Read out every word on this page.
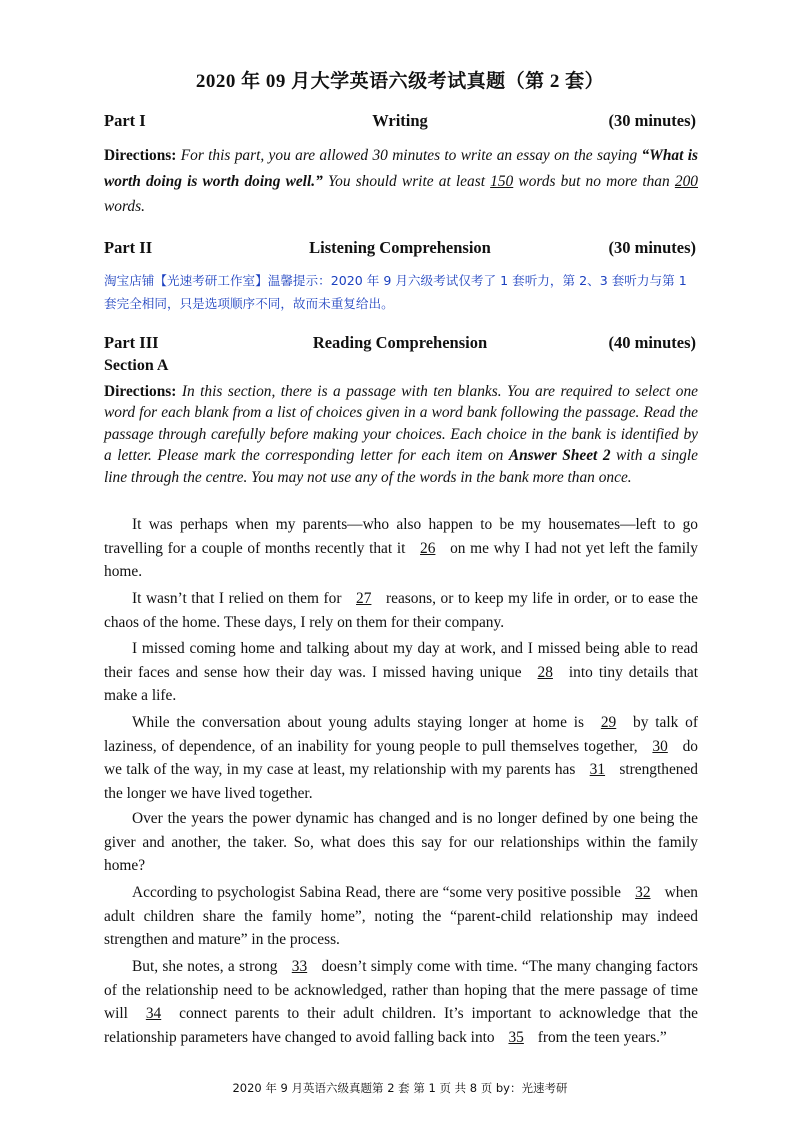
2020 年 09 月大学英语六级考试真题（第 2 套）
Part I	Writing	(30 minutes)
Directions: For this part, you are allowed 30 minutes to write an essay on the saying “What is worth doing is worth doing well.” You should write at least 150 words but no more than 200 words.
Part II	Listening Comprehension	(30 minutes)
淘宝店铺【光速考研工作室】温馨提示：2020 年 9 月六级考试仅考了 1 套听力，第 2、3 套听力与第 1 套完全相同，只是选项顺序不同，故而未重复给出。
Part III	Reading Comprehension	(40 minutes)
Section A
Directions: In this section, there is a passage with ten blanks. You are required to select one word for each blank from a list of choices given in a word bank following the passage. Read the passage through carefully before making your choices. Each choice in the bank is identified by a letter. Please mark the corresponding letter for each item on Answer Sheet 2 with a single line through the centre. You may not use any of the words in the bank more than once.
It was perhaps when my parents—who also happen to be my housemates—left to go travelling for a couple of months recently that it 26 on me why I had not yet left the family home.
It wasn’t that I relied on them for 27 reasons, or to keep my life in order, or to ease the chaos of the home. These days, I rely on them for their company.
I missed coming home and talking about my day at work, and I missed being able to read their faces and sense how their day was. I missed having unique 28 into tiny details that make a life.
While the conversation about young adults staying longer at home is 29 by talk of laziness, of dependence, of an inability for young people to pull themselves together, 30 do we talk of the way, in my case at least, my relationship with my parents has 31 strengthened the longer we have lived together.
Over the years the power dynamic has changed and is no longer defined by one being the giver and another, the taker. So, what does this say for our relationships within the family home?
According to psychologist Sabina Read, there are “some very positive possible 32 when adult children share the family home”, noting the “parent-child relationship may indeed strengthen and mature” in the process.
But, she notes, a strong 33 doesn’t simply come with time. “The many changing factors of the relationship need to be acknowledged, rather than hoping that the mere passage of time will 34 connect parents to their adult children. It’s important to acknowledge that the relationship parameters have changed to avoid falling back into 35 from the teen years.”
2020 年 9 月英语六级真题第 2 套 第 1 页 共 8 页 by：光速考研
